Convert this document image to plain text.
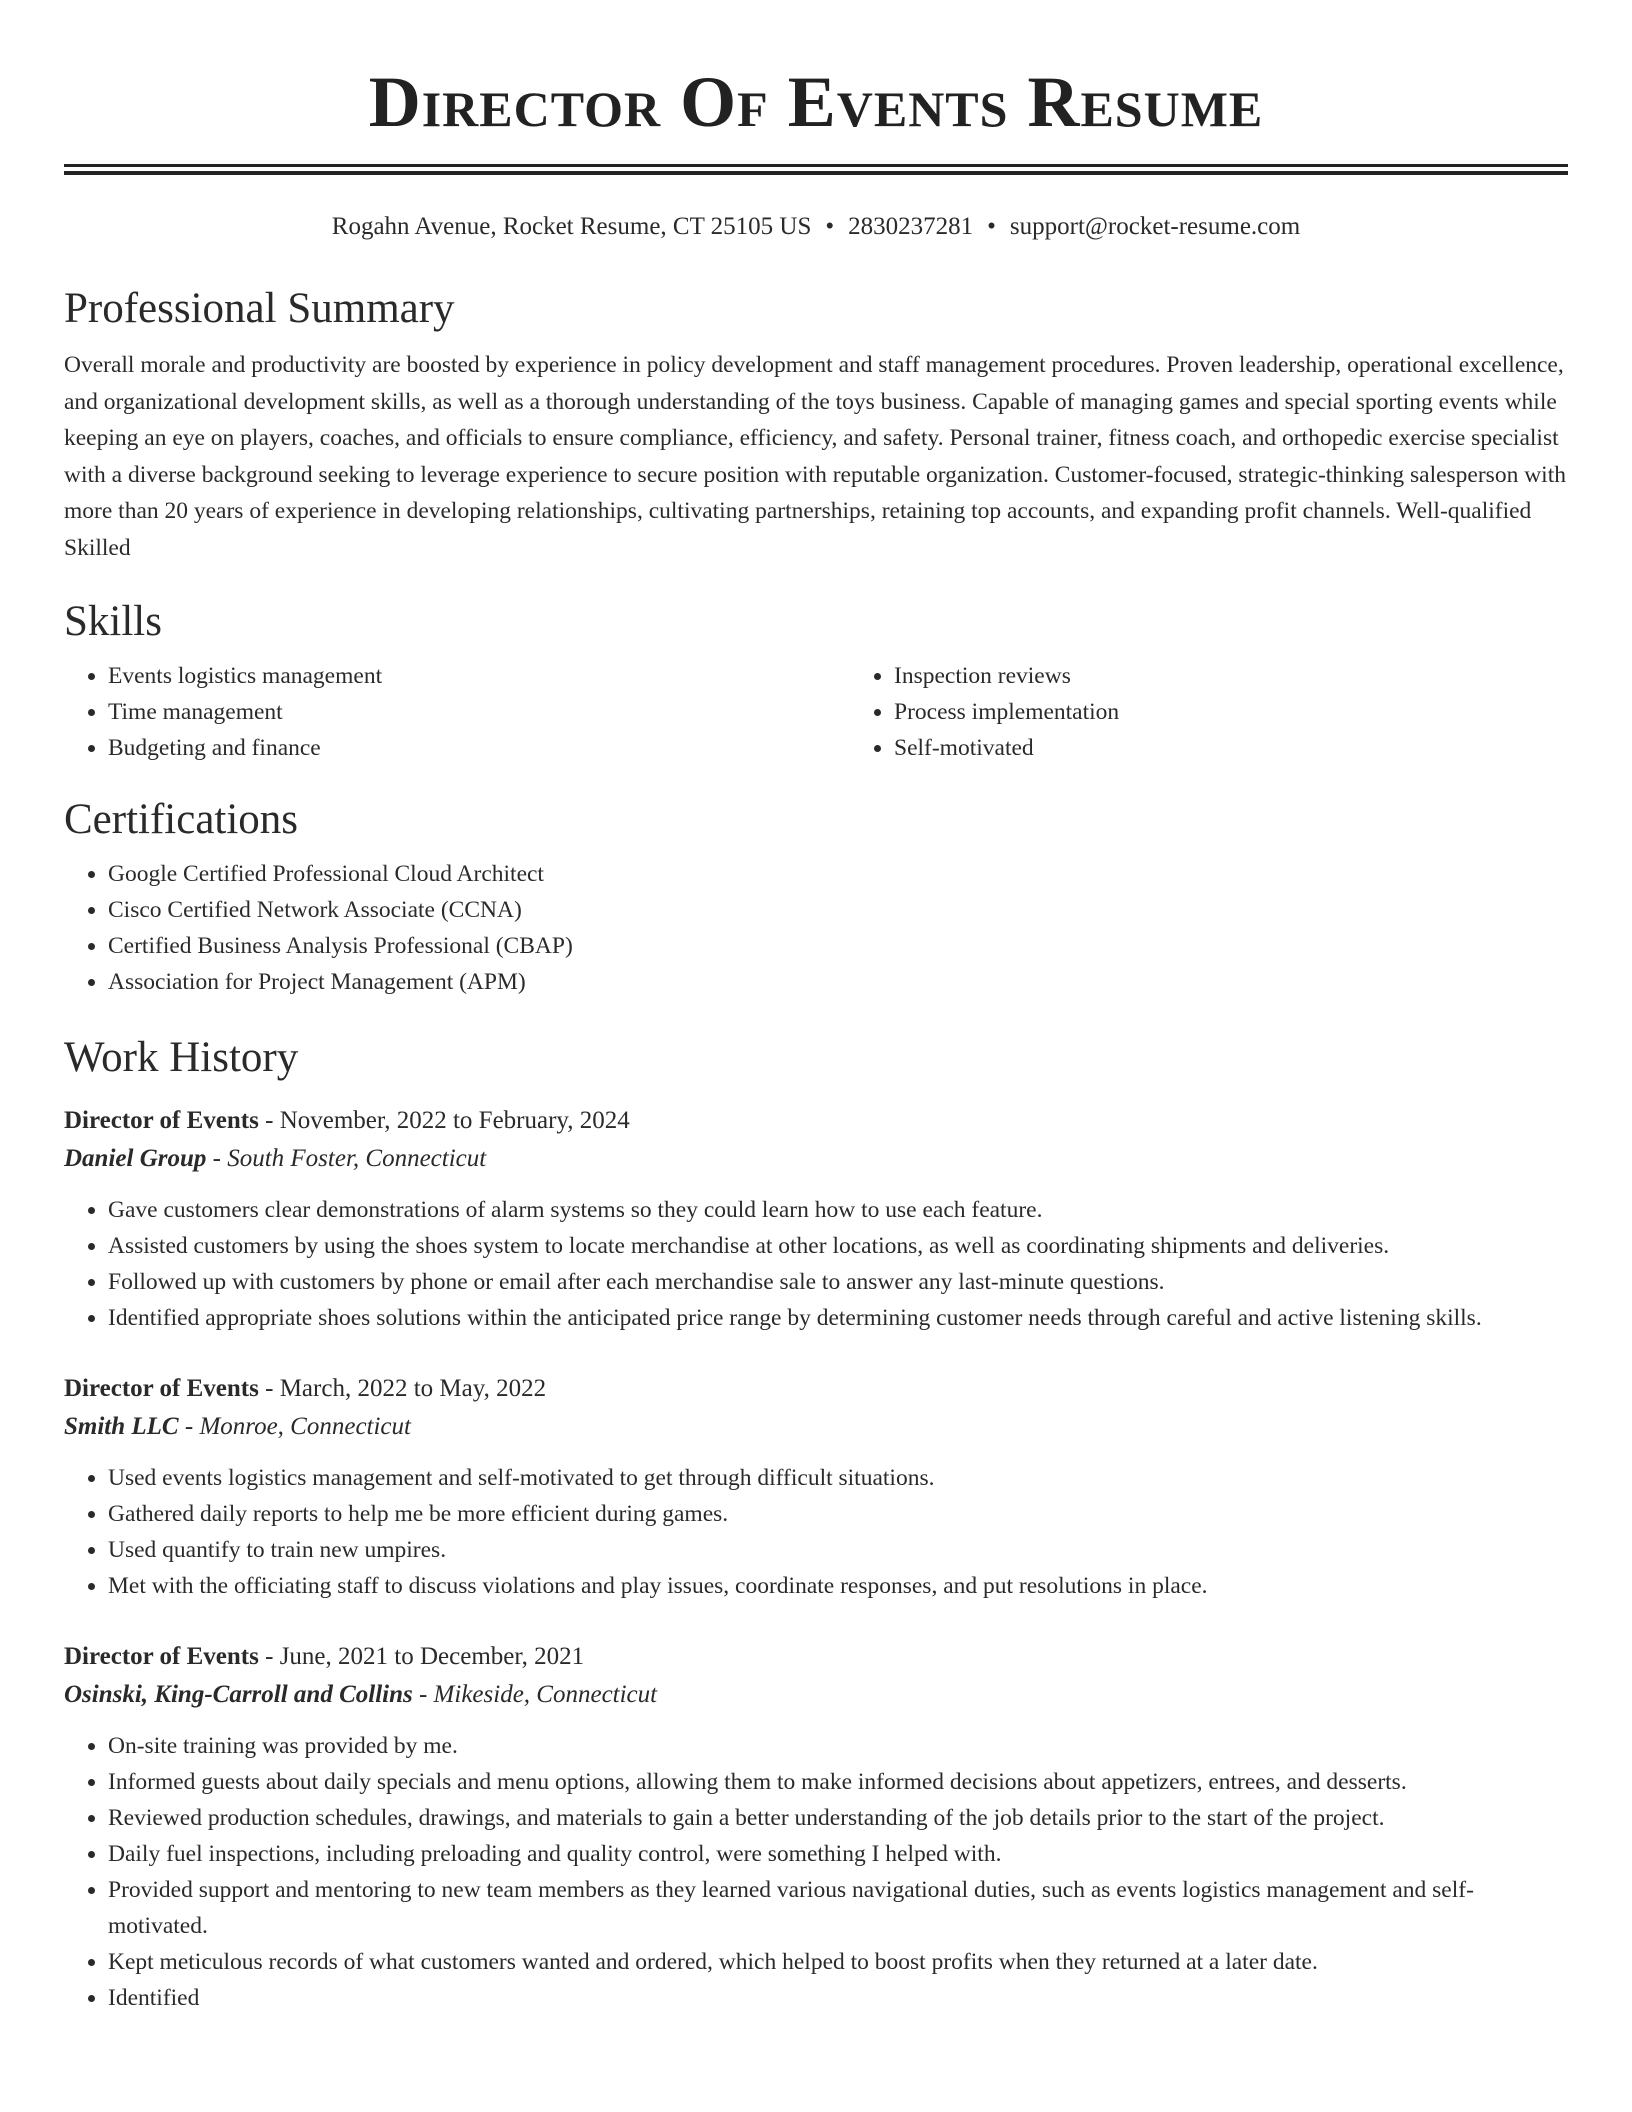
Director Of Events Resume
Rogahn Avenue, Rocket Resume, CT 25105 US • 2830237281 • support@rocket-resume.com
Professional Summary

Overall morale and productivity are boosted by experience in policy development and staff management procedures. Proven leadership, operational excellence, and organizational development skills, as well as a thorough understanding of the toys business. Capable of managing games and special sporting events while keeping an eye on players, coaches, and officials to ensure compliance, efficiency, and safety. Personal trainer, fitness coach, and orthopedic exercise specialist with a diverse background seeking to leverage experience to secure position with reputable organization. Customer-focused, strategic-thinking salesperson with more than 20 years of experience in developing relationships, cultivating partnerships, retaining top accounts, and expanding profit channels. Well-qualified Skilled

Skills
• Events logistics management
• Time management
• Budgeting and finance
• Inspection reviews
• Process implementation
• Self-motivated
Certifications
• Google Certified Professional Cloud Architect
• Cisco Certified Network Associate (CCNA)
• Certified Business Analysis Professional (CBAP)
• Association for Project Management (APM)
Work History
Director of Events - November, 2022 to February, 2024
Daniel Group - South Foster, Connecticut
• Gave customers clear demonstrations of alarm systems so they could learn how to use each feature.
• Assisted customers by using the shoes system to locate merchandise at other locations, as well as coordinating shipments and deliveries.
• Followed up with customers by phone or email after each merchandise sale to answer any last-minute questions.
• Identified appropriate shoes solutions within the anticipated price range by determining customer needs through careful and active listening skills.
Director of Events - March, 2022 to May, 2022
Smith LLC - Monroe, Connecticut
• Used events logistics management and self-motivated to get through difficult situations.
• Gathered daily reports to help me be more efficient during games.
• Used quantify to train new umpires.
• Met with the officiating staff to discuss violations and play issues, coordinate responses, and put resolutions in place.
Director of Events - June, 2021 to December, 2021
Osinski, King-Carroll and Collins - Mikeside, Connecticut
• On-site training was provided by me.
• Informed guests about daily specials and menu options, allowing them to make informed decisions about appetizers, entrees, and desserts.
• Reviewed production schedules, drawings, and materials to gain a better understanding of the job details prior to the start of the project.
• Daily fuel inspections, including preloading and quality control, were something I helped with.
• Provided support and mentoring to new team members as they learned various navigational duties, such as events logistics management and self-motivated.
• Kept meticulous records of what customers wanted and ordered, which helped to boost profits when they returned at a later date.
• Identified
